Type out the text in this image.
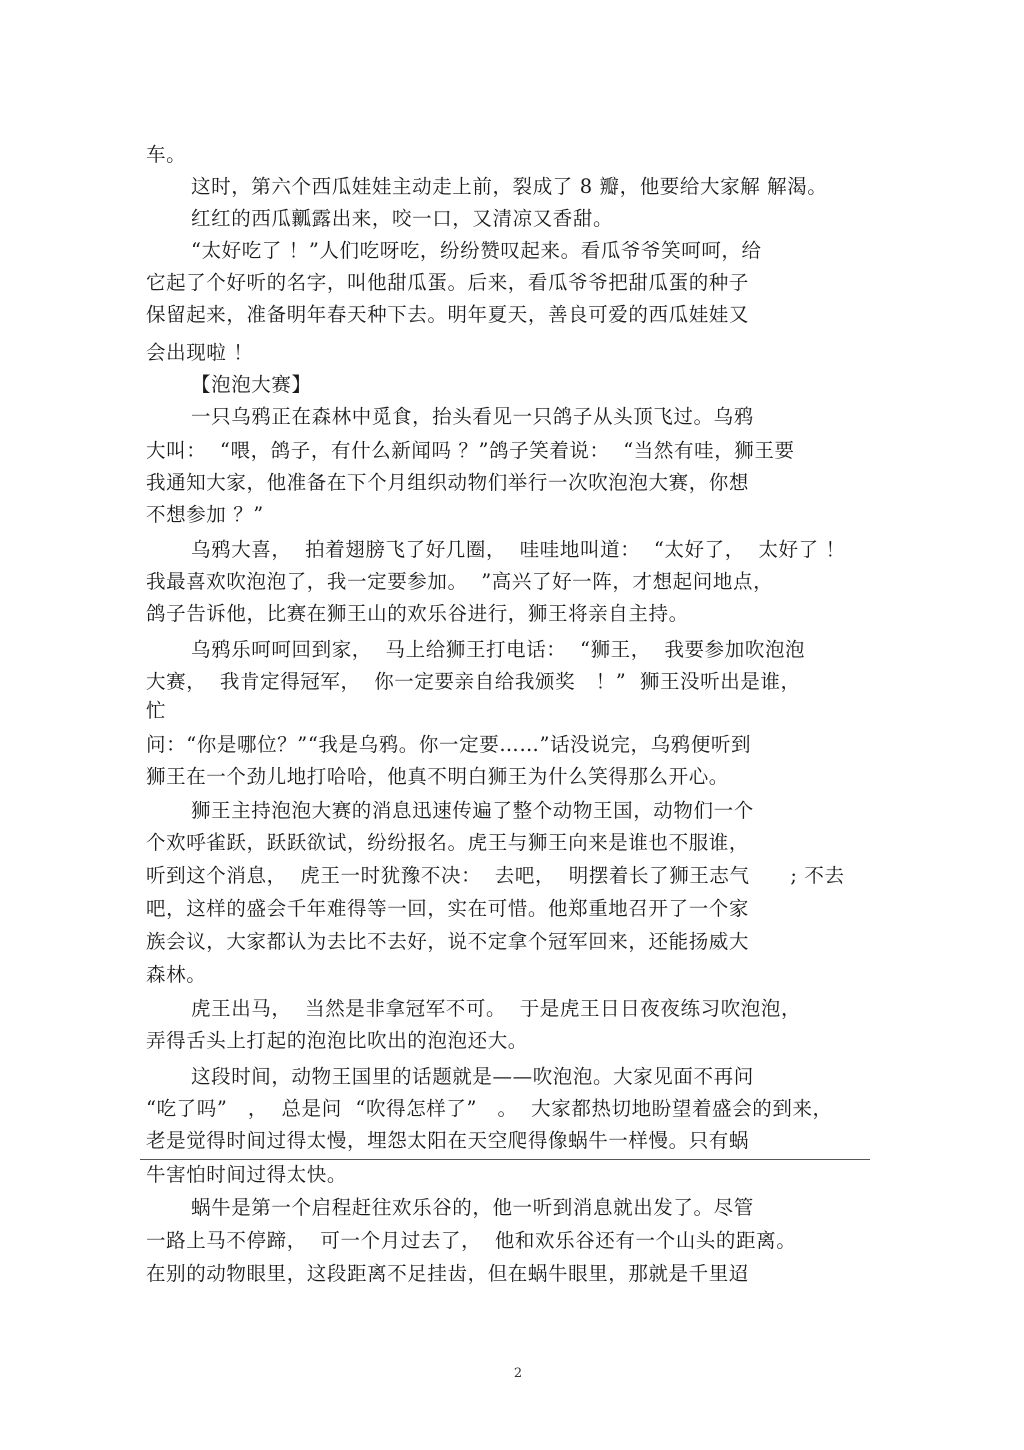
车。
这时，第六个西瓜娃娃主动走上前，裂成了 8 瓣，他要给大家解 解渴。
红红的西瓜瓤露出来，咬一口，又清凉又香甜。
“太好吃了 ！”人们吃呀吃，纷纷赞叹起来。看瓜爷爷笑呵呵，给
它起了个好听的名字，叫他甜瓜蛋。后来，看瓜爷爷把甜瓜蛋的种子
保留起来，准备明年春天种下去。明年夏天，善良可爱的西瓜娃娃又
会出现啦 ！
【泡泡大赛】
一只乌鸦正在森林中觅食，抬头看见一只鸽子从头顶飞过。乌鸦
大叫：  “喂，鸽子，有什么新闻吗 ？”鸽子笑着说：  “当然有哇，狮王要
我通知大家，他准备在下个月组织动物们举行一次吹泡泡大赛，你想
不想参加 ？”
乌鸦大喜，  拍着翅膀飞了好几圈，  哇哇地叫道：  “太好了，  太好了 ！
我最喜欢吹泡泡了，我一定要参加。  ”高兴了好一阵，才想起问地点，
鸽子告诉他，比赛在狮王山的欢乐谷进行，狮王将亲自主持。
乌鸦乐呵呵回到家，  马上给狮王打电话：  “狮王，  我要参加吹泡泡
大赛，  我肯定得冠军，  你一定要亲自给我颁奖   ！”  狮王没听出是谁，
忙
问：“你是哪位？”“我是乌鸦。你一定要……”话没说完，乌鸦便听到
狮王在一个劲儿地打哈哈，他真不明白狮王为什么笑得那么开心。
狮王主持泡泡大赛的消息迅速传遍了整个动物王国，动物们一个
个欢呼雀跃，跃跃欲试，纷纷报名。虎王与狮王向来是谁也不服谁，
听到这个消息，  虎王一时犹豫不决：  去吧，  明摆着长了狮王志气      ; 不去
吧，这样的盛会千年难得等一回，实在可惜。他郑重地召开了一个家
族会议，大家都认为去比不去好，说不定拿个冠军回来，还能扬威大
森林。
虎王出马，  当然是非拿冠军不可。  于是虎王日日夜夜练习吹泡泡，
弄得舌头上打起的泡泡比吹出的泡泡还大。
这段时间，动物王国里的话题就是——吹泡泡。大家见面不再问
“吃了吗”   ，  总是问  “吹得怎样了”   。  大家都热切地盼望着盛会的到来，
老是觉得时间过得太慢，埋怨太阳在天空爬得像蜗牛一样慢。只有蜗
牛害怕时间过得太快。
蜗牛是第一个启程赶往欢乐谷的，他一听到消息就出发了。尽管
一路上马不停蹄，  可一个月过去了，  他和欢乐谷还有一个山头的距离。
在别的动物眼里，这段距离不足挂齿，但在蜗牛眼里，那就是千里迢
2
